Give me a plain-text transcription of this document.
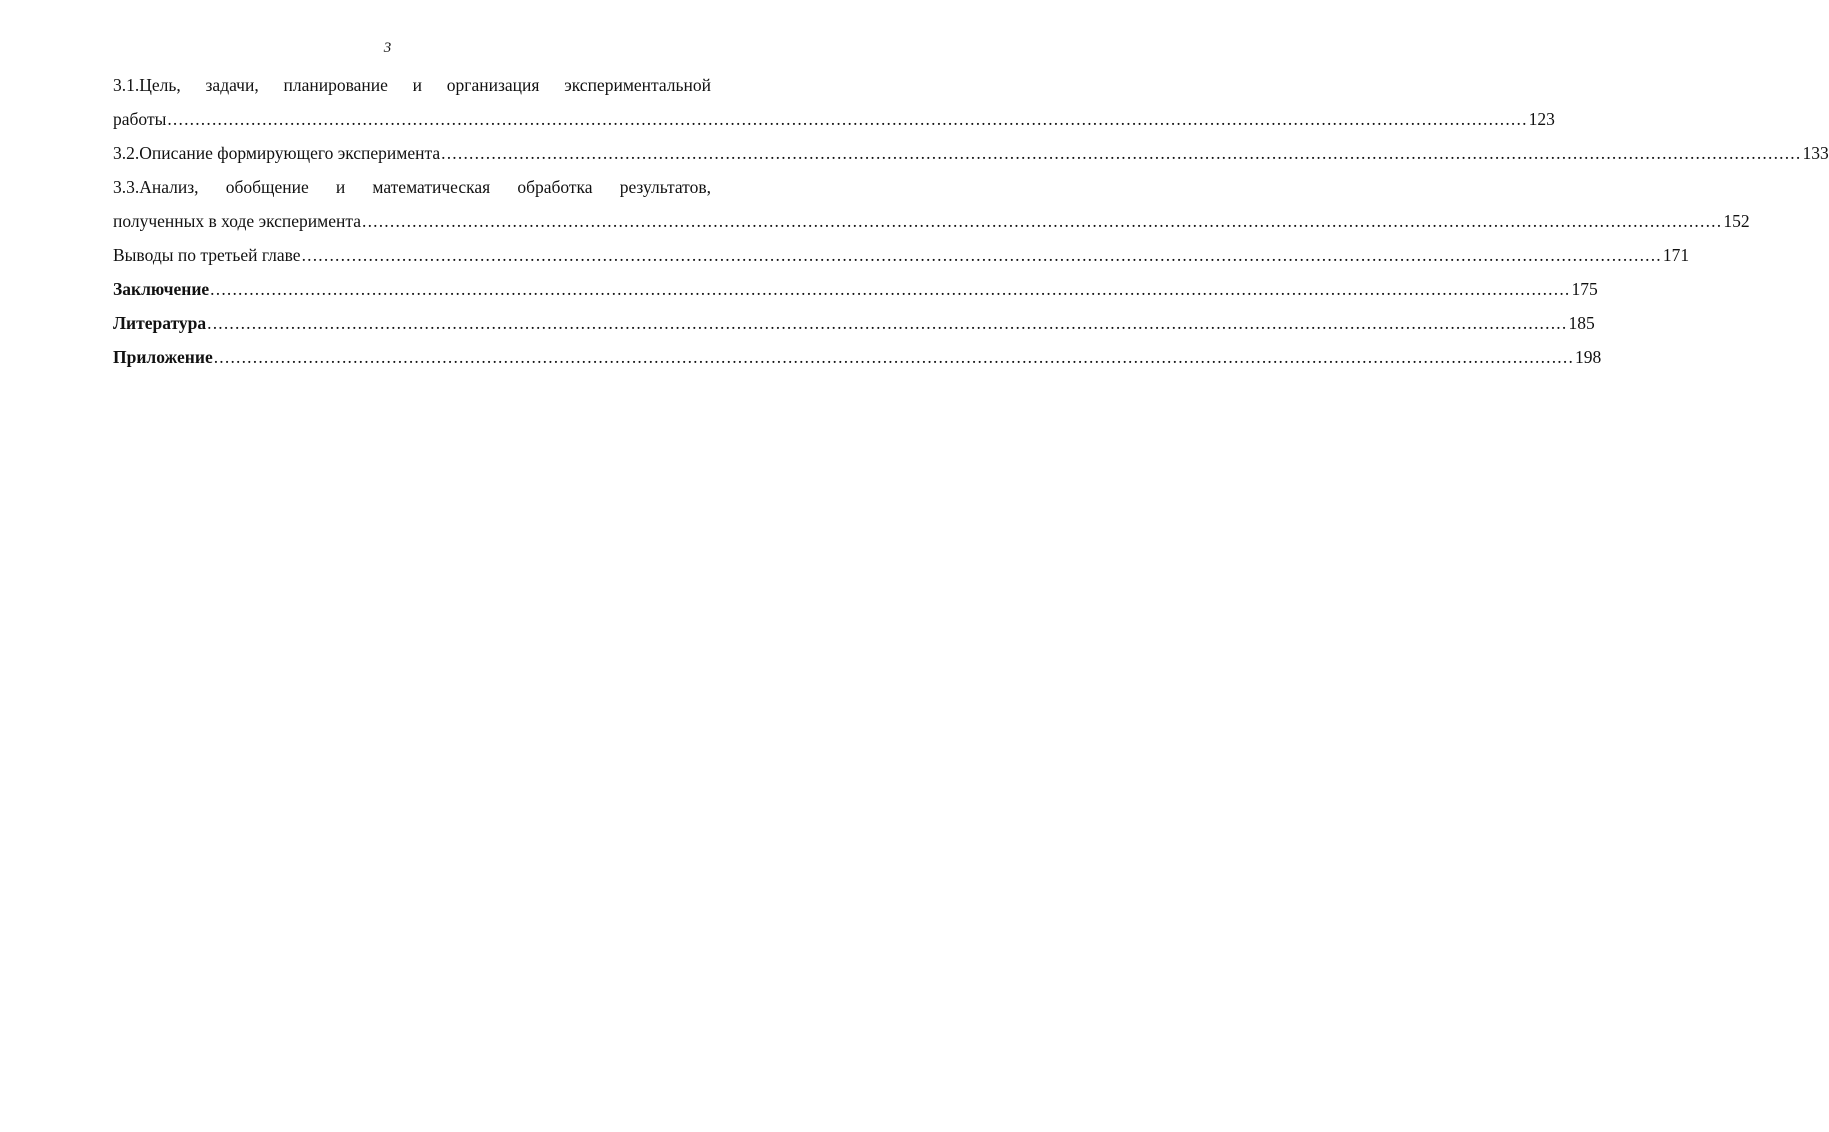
3
3.1.Цель, задачи, планирование и организация экспериментальной
работы .....	123
3.2.Описание формирующего эксперимента .....	133
3.3.Анализ, обобщение и математическая обработка результатов,
полученных в ходе эксперимента .....	152
Выводы по третьей главе .....	171
Заключение .....	175
Литература .....	185
Приложение .....	198
